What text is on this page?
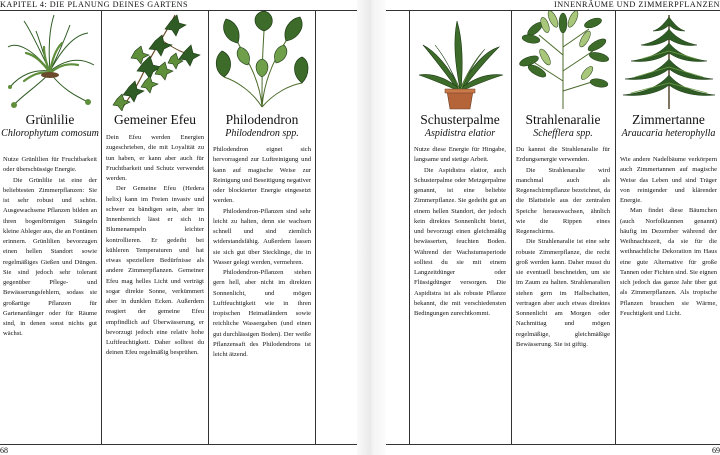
KAPITEL 4: DIE PLANUNG DEINES GARTENS
Grünlilie
Chlorophytum comosum

Nutze Grünlilien für Fruchtbarkeit oder überschüssige Energie.

Die Grünlilie ist eine der beliebtesten Zimmerpflanzen: Sie ist sehr robust und schön. Ausgewachsene Pflanzen bilden an ihren bogenförmigen Stängeln kleine Ableger aus, die an Fontänen erinnern. Grünlilien bevorzugen einen hellen Standort sowie regelmäßiges Gießen und Düngen. Sie sind jedoch sehr tolerant gegenüber Pflege- und Bewässerungsfehlern, sodass sie großartige Pflanzen für Gartenanfänger oder für Räume sind, in denen sonst nichts gut wächst.

Gemeiner Efeu

Dein Efeu werden Energien zugeschrieben, die mit Loyalität zu tun haben, er kann aber auch für Fruchtbarkeit und Schutz verwendet werden.

Der Gemeine Efeu (Hedera helix) kann im Freien invasiv und schwer zu bändigen sein, aber im Innenbereich lässt er sich in Blumenampeln leichter kontrollieren. Er gedeiht bei kühleren Temperaturen und hat etwas speziellere Bedürfnisse als andere Zimmerpflanzen. Gemeiner Efeu mag helles Licht und verträgt sogar direkte Sonne, verkümmert aber in dunklen Ecken. Außerdem reagiert der gemeine Efeu empfindlich auf Überwässerung, er bevorzugt jedoch eine relativ hohe Luftfeuchtigkeit. Daher solltest du deinen Efeu regelmäßig besprühen.

Philodendron
Philodendron spp.

Philodendron eignet sich hervorragend zur Luftreinigung und kann auf magische Weise zur Reinigung und Beseitigung negativer oder blockierter Energie eingesetzt werden.

Philodendron-Pflanzen sind sehr leicht zu halten, denn sie wachsen schnell und sind ziemlich widerstandsfähig. Außerdem lassen sie sich gut über Stecklinge, die in Wasser gelegt werden, vermehren.

Philodendron-Pflanzen stehen gern hell, aber nicht im direkten Sonnenlicht, und mögen Luftfeuchtigkeit wie in ihren tropischen Heimatländern sowie reichliche Wassergaben (und einen gut durchlässigen Boden). Der weiße Pflanzensaft des Philodendrons ist leicht ätzend.

68
INNENRÄUME UND ZIMMERPFLANZEN
Schusterpalme
Aspidistra elatior

Nutze diese Energie für Hingabe, langsame und stetige Arbeit.

Die Aspidistra elatior, auch Schusterpalme oder Metzgerpalme genannt, ist eine beliebte Zimmerpflanze. Sie gedeiht gut an einem hellen Standort, der jedoch kein direktes Sonnenlicht bietet, und bevorzugt einen gleichmäßig bewässerten, feuchten Boden. Während der Wachstumsperiode solltest du sie mit einem Langzeitdünger oder Flüssigdünger versorgen. Die Aspidistra ist als robuste Pflanze bekannt, die mit verschiedensten Bedingungen zurechtkommt.

Strahlenaralie
Schefflera spp.

Du kannst die Strahlenaralie für Erdungsenergie verwenden.

Die Strahlenaralie wird manchmal auch als Regenschirmpflanze bezeichnet, da die Blattstiele aus der zentralen Speiche herauswachsen, ähnlich wie die Rippen eines Regenschirms.

Die Strahlenaralie ist eine sehr robuste Zimmerpflanze, die recht groß werden kann. Daher musst du sie eventuell beschneiden, um sie im Zaum zu halten. Strahlenaralien stehen gern im Halbschatten, vertragen aber auch etwas direktes Sonnenlicht am Morgen oder Nachmittag und mögen regelmäßige, gleichmäßige Bewässerung. Sie ist giftig.

Zimmertanne
Araucaria heterophylla

Wie andere Nadelbäume verkörpern auch Zimmertannen auf magische Weise das Leben und sind Träger von reinigender und klärender Energie.

Man findet diese Bäumchen (auch Norfolktannen genannt) häufig im Dezember während der Weihnachtszeit, da sie für die weihnachtliche Dekoration im Haus eine gute Alternative für große Tannen oder Fichten sind. Sie eignen sich jedoch das ganze Jahr über gut als Zimmerpflanzen. Als tropische Pflanzen brauchen sie Wärme, Feuchtigkeit und Licht.

69
